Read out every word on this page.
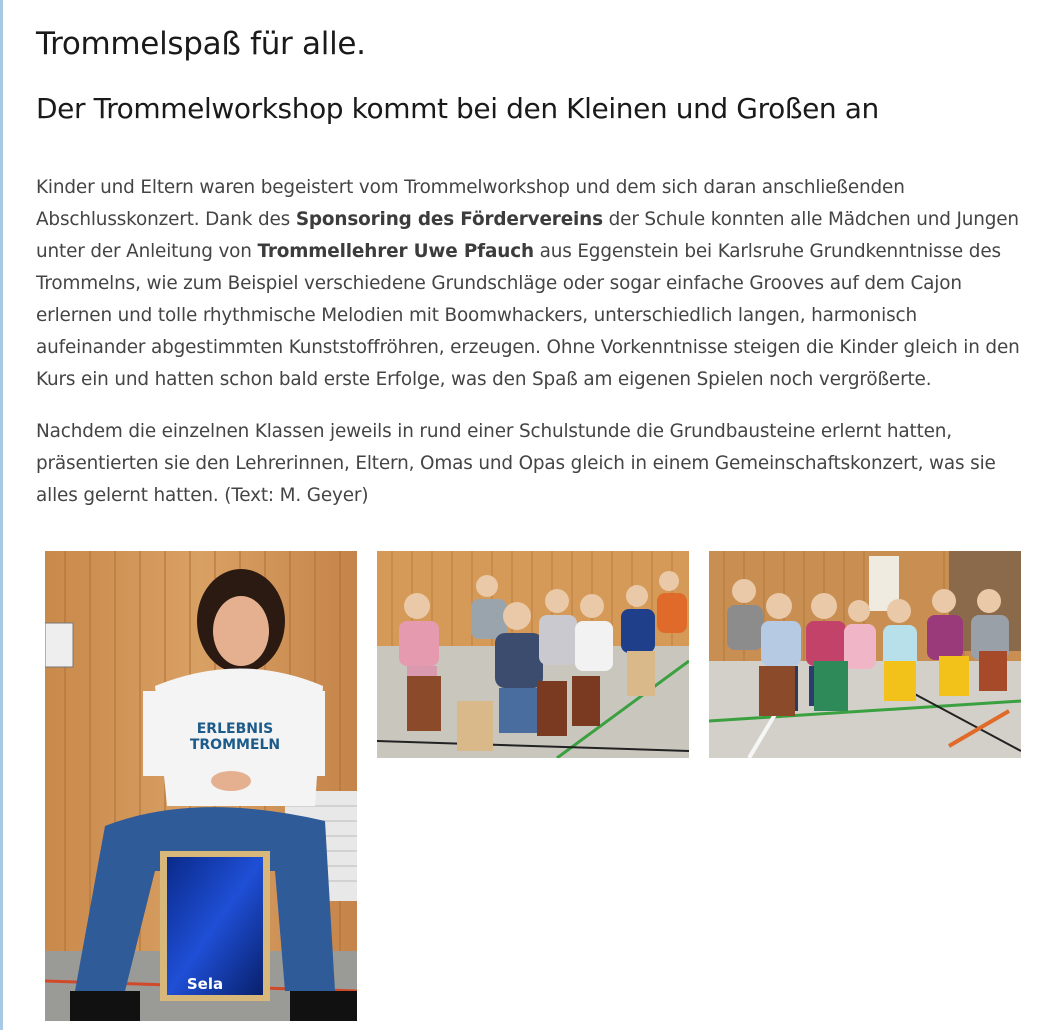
Trommelspaß für alle.
Der Trommelworkshop kommt bei den Kleinen und Großen an

Kinder und Eltern waren begeistert vom Trommelworkshop und dem sich daran anschließenden Abschlusskonzert. Dank des Sponsoring des Fördervereins der Schule konnten alle Mädchen und Jungen unter der Anleitung von Trommellehrer Uwe Pfauch aus Eggenstein bei Karlsruhe Grundkenntnisse des Trommelns, wie zum Beispiel verschiedene Grundschläge oder sogar einfache Grooves auf dem Cajon erlernen und tolle rhythmische Melodien mit Boomwhackers, unterschiedlich langen, harmonisch aufeinander abgestimmten Kunststoffröhren, erzeugen. Ohne Vorkenntnisse steigen die Kinder gleich in den Kurs ein und hatten schon bald erste Erfolge, was den Spaß am eigenen Spielen noch vergrößerte.

Nachdem die einzelnen Klassen jeweils in rund einer Schulstunde die Grundbausteine erlernt hatten, präsentierten sie den Lehrerinnen, Eltern, Omas und Opas gleich in einem Gemeinschaftskonzert, was sie alles gelernt hatten. (Text: M. Geyer)

ERLEBNIS
TROMMELN
Sela
